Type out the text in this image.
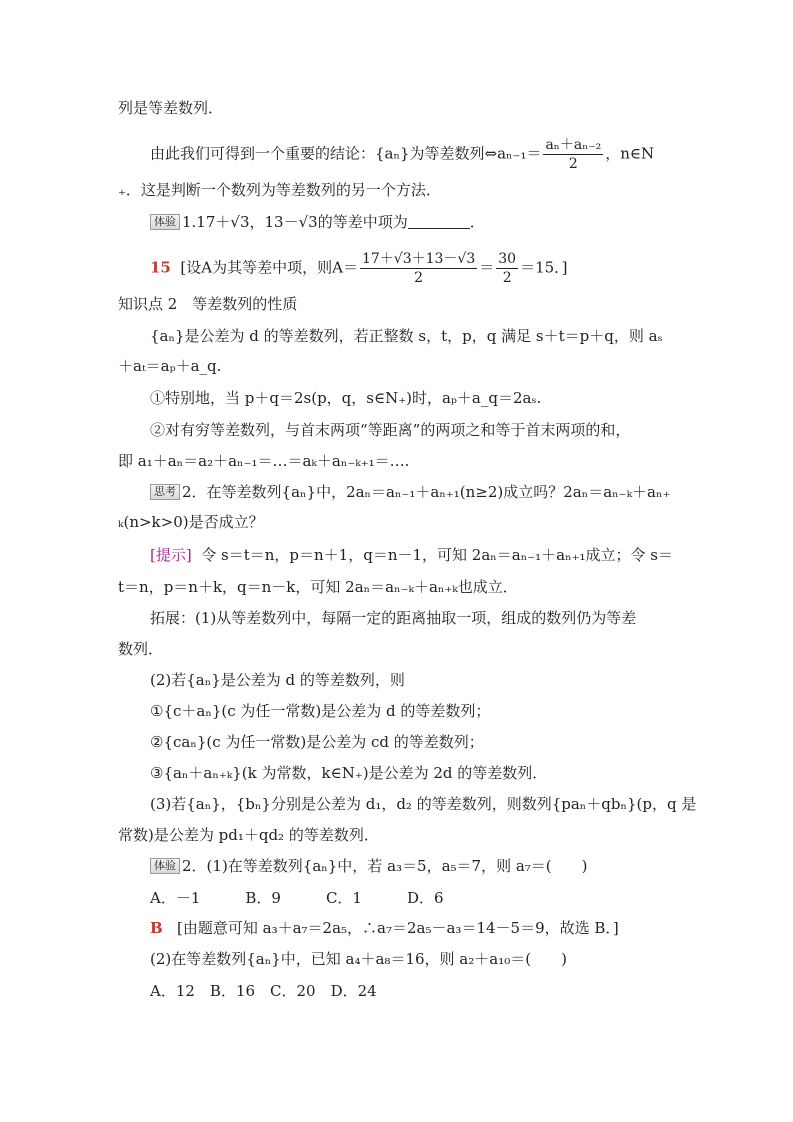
列是等差数列．
由此我们可得到一个重要的结论：{aₙ}为等差数列⇔aₙ₋₁＝ $\frac{\text{aₙ＋aₙ₋₂}}{2}$ ，n∈N
₊．这是判断一个数列为等差数列的另一个方法．
体验 1.17＋√3，13－√3的等差中项为	．
15 [设A为其等差中项，则$A= \frac{17+√3+13-√3}{2} = \frac{30}{2} =15$．]
知识点 2　等差数列的性质
{aₙ}是公差为 d 的等差数列，若正整数 s，t，p，q 满足 s＋t＝p＋q，则 aₛ
＋aₜ＝aₚ＋a_q.
①特别地，当 p＋q＝2s(p，q，s∈N₊)时，aₚ＋a_q＝2aₛ.
②对有穷等差数列，与首末两项“等距离”的两项之和等于首末两项的和，
即 a₁＋aₙ＝a₂＋aₙ₋₁＝…＝aₖ＋aₙ₋ₖ₊₁＝….
思考 2．在等差数列{aₙ}中，2aₙ＝aₙ₋₁＋aₙ₊₁(n≥2)成立吗？2aₙ＝aₙ₋ₖ＋aₙ₊
ₖ(n>k>0)是否成立？
[提示] 令 s＝t＝n，p＝n＋1，q＝n－1，可知 2aₙ＝aₙ₋₁＋aₙ₊₁成立；令 s＝
t＝n，p＝n＋k，q＝n－k，可知 2aₙ＝aₙ₋ₖ＋aₙ₊ₖ也成立．
拓展：(1)从等差数列中，每隔一定的距离抽取一项，组成的数列仍为等差
数列．
(2)若{aₙ}是公差为 d 的等差数列，则
①{c＋aₙ}(c 为任一常数)是公差为 d 的等差数列；
②{caₙ}(c 为任一常数)是公差为 cd 的等差数列；
③{aₙ＋aₙ₊ₖ}(k 为常数，k∈N₊)是公差为 2d 的等差数列．
(3)若{aₙ}，{bₙ}分别是公差为 d₁，d₂ 的等差数列，则数列{paₙ＋qbₙ}(p，q 是
常数)是公差为 pd₁＋qd₂ 的等差数列．
体验 2．(1)在等差数列{aₙ}中，若 a₃＝5，a₅＝7，则 a₇＝(　　)
A．－1　　　B．9　　　C．1　　　D．6
B [由题意可知 a₃＋a₇＝2a₅，∴a₇＝2a₅－a₃＝14－5＝9，故选 B．]
(2)在等差数列{aₙ}中，已知 a₄＋a₈＝16，则 a₂＋a₁₀＝(　　)
A．12　B．16　C．20　D．24
